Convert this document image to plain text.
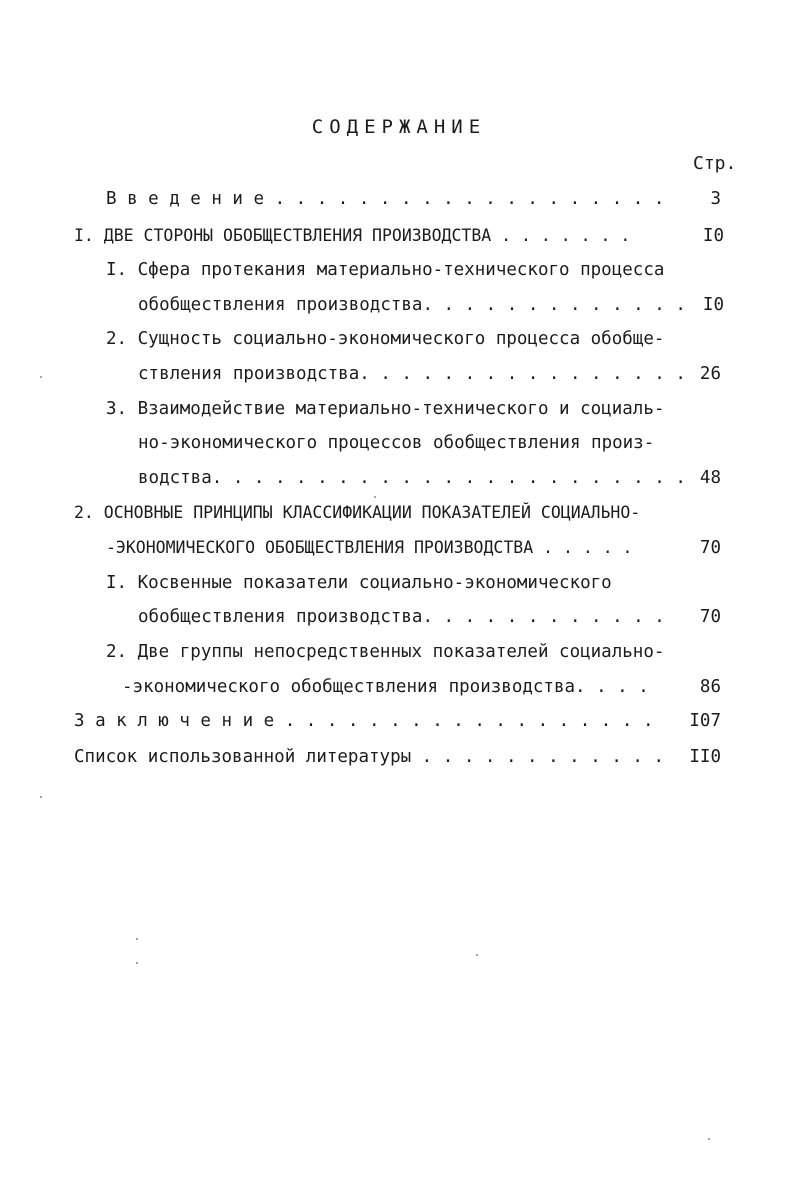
СОДЕРЖАНИЕ
Стр.
В в е д е н и е . . . . . . . . . . . . . . . . . . .	3
I. ДВЕ СТОРОНЫ ОБОБЩЕСТВЛЕНИЯ ПРОИЗВОДСТВА . . . . . . .	I0
I. Сфера протекания материально-технического процесса
обобществления производства. . . . . . . . . . . . . I0
2. Сущность социально-экономического процесса обобще-
ствления производства. . . . . . . . . . . . . . . . 26
3. Взаимодействие материально-технического и социаль-
но-экономического процессов обобществления произ-
водства. . . . . . . . . . . . . . . . . . . . . . . 48
2. ОСНОВНЫЕ ПРИНЦИПЫ КЛАССИФИКАЦИИ ПОКАЗАТЕЛЕЙ СОЦИАЛЬНО-
-ЭКОНОМИЧЕСКОГО ОБОБЩЕСТВЛЕНИЯ ПРОИЗВОДСТВА . . . . .	70
I. Косвенные показатели социально-экономического
обобществления производства. . . . . . . . . . . .	70
2. Две группы непосредственных показателей социально-
-экономического обобществления производства. . . .	86
З а к л ю ч е н и е . . . . . . . . . . . . . . . . . .	I07
Список использованной литературы . . . . . . . . . . . .	II0
